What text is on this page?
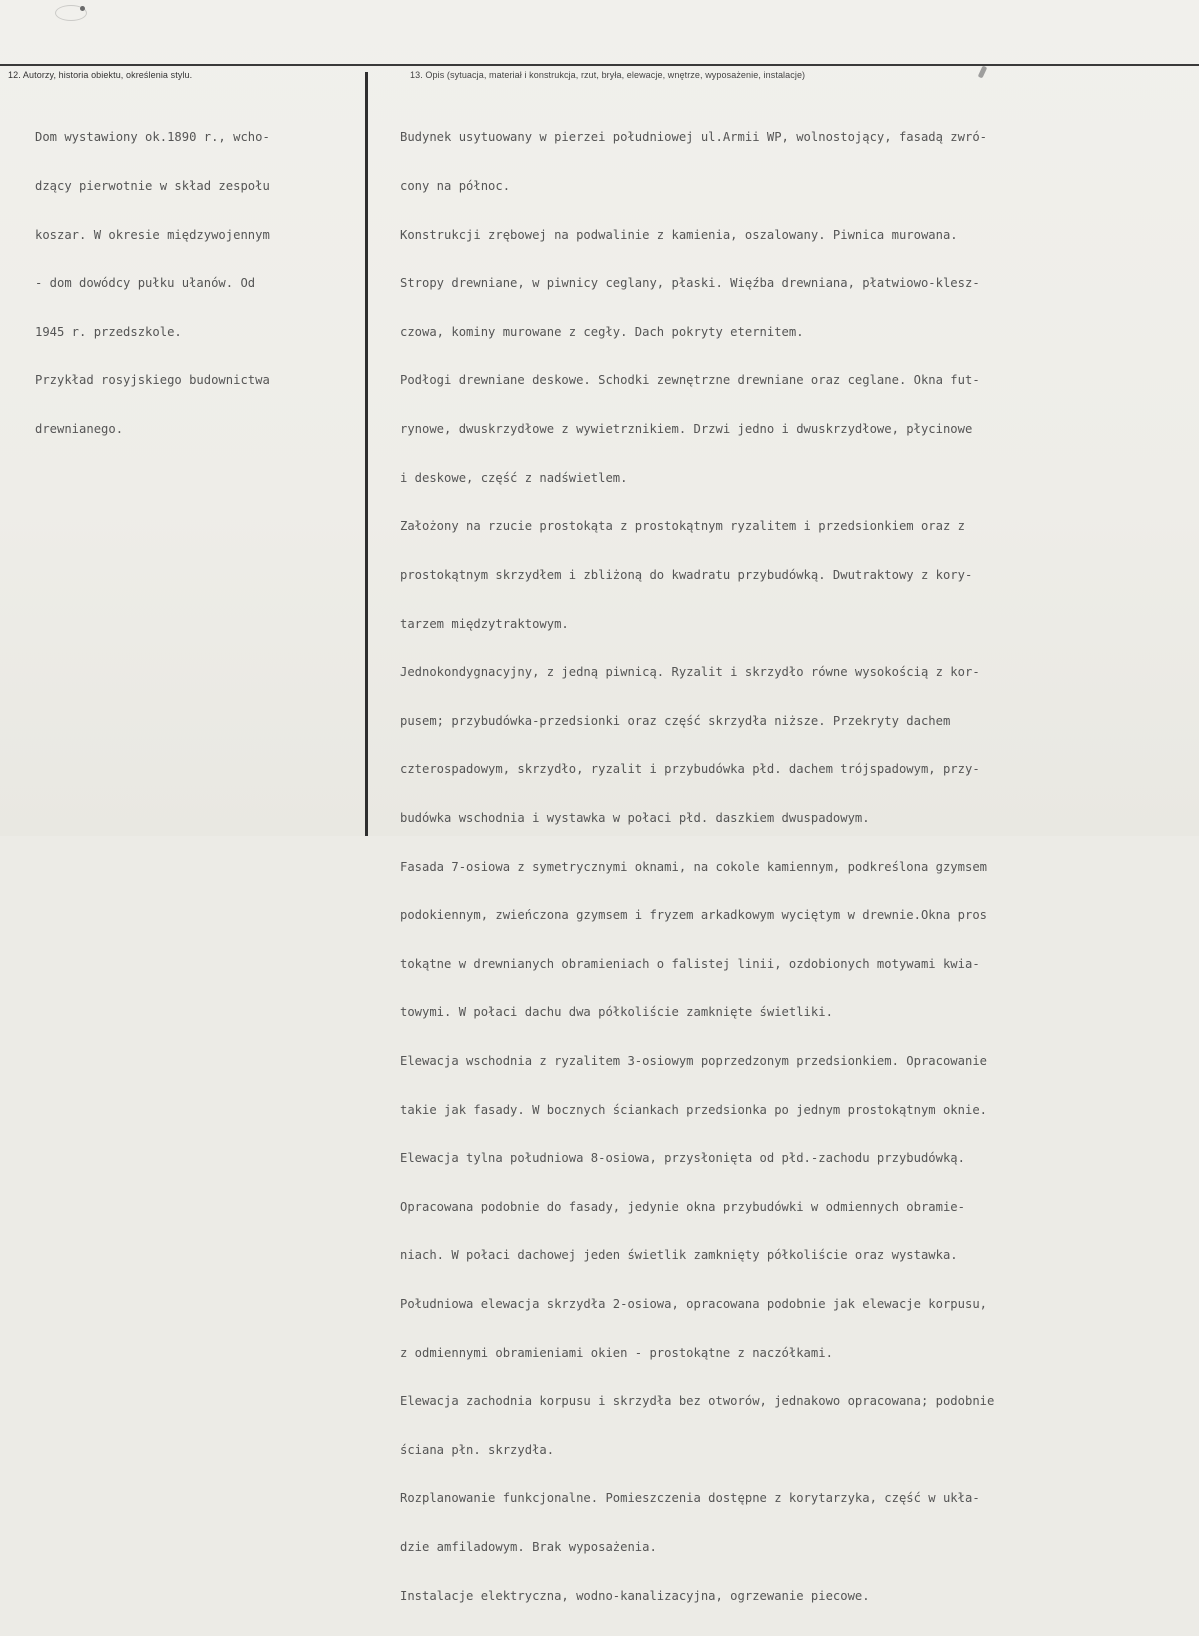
12. Autorzy, historia obiektu, określenia stylu.	13. Opis (sytuacja, materiał i konstrukcja, rzut, bryła, elewacje, wnętrze, wyposażenie, instalacje)

Dom wystawiony ok.1890 r., wcho-

dzący pierwotnie w skład zespołu

koszar. W okresie międzywojennym

- dom dowódcy pułku ułanów. Od

1945 r. przedszkole.

Przykład rosyjskiego budownictwa

drewnianego.

Budynek usytuowany w pierzei południowej ul.Armii WP, wolnostojący, fasadą zwró-

cony na północ.

Konstrukcji zrębowej na podwalinie z kamienia, oszalowany. Piwnica murowana.

Stropy drewniane, w piwnicy ceglany, płaski. Więźba drewniana, płatwiowo-klesz-

czowa, kominy murowane z cegły. Dach pokryty eternitem.

Podłogi drewniane deskowe. Schodki zewnętrzne drewniane oraz ceglane. Okna fut-

rynowe, dwuskrzydłowe z wywietrznikiem. Drzwi jedno i dwuskrzydłowe, płycinowe

i deskowe, część z nadświetlem.

Założony na rzucie prostokąta z prostokątnym ryzalitem i przedsionkiem oraz z

prostokątnym skrzydłem i zbliżoną do kwadratu przybudówką. Dwutraktowy z kory-

tarzem międzytraktowym.

Jednokondygnacyjny, z jedną piwnicą. Ryzalit i skrzydło równe wysokością z kor-

pusem; przybudówka-przedsionki oraz część skrzydła niższe. Przekryty dachem

czterospadowym, skrzydło, ryzalit i przybudówka płd. dachem trójspadowym, przy-

budówka wschodnia i wystawka w połaci płd. daszkiem dwuspadowym.

Fasada 7-osiowa z symetrycznymi oknami, na cokole kamiennym, podkreślona gzymsem

podokiennym, zwieńczona gzymsem i fryzem arkadkowym wyciętym w drewnie.Okna pros

tokątne w drewnianych obramieniach o falistej linii, ozdobionych motywami kwia-

towymi. W połaci dachu dwa półkoliście zamknięte świetliki.

Elewacja wschodnia z ryzalitem 3-osiowym poprzedzonym przedsionkiem. Opracowanie

takie jak fasady. W bocznych ściankach przedsionka po jednym prostokątnym oknie.

Elewacja tylna południowa 8-osiowa, przysłonięta od płd.-zachodu przybudówką.

Opracowana podobnie do fasady, jedynie okna przybudówki w odmiennych obramie-

niach. W połaci dachowej jeden świetlik zamknięty półkoliście oraz wystawka.

Południowa elewacja skrzydła 2-osiowa, opracowana podobnie jak elewacje korpusu,

z odmiennymi obramieniami okien - prostokątne z naczółkami.

Elewacja zachodnia korpusu i skrzydła bez otworów, jednakowo opracowana; podobnie

ściana płn. skrzydła.

Rozplanowanie funkcjonalne. Pomieszczenia dostępne z korytarzyka, część w ukła-

dzie amfiladowym. Brak wyposażenia.

Instalacje elektryczna, wodno-kanalizacyjna, ogrzewanie piecowe.
